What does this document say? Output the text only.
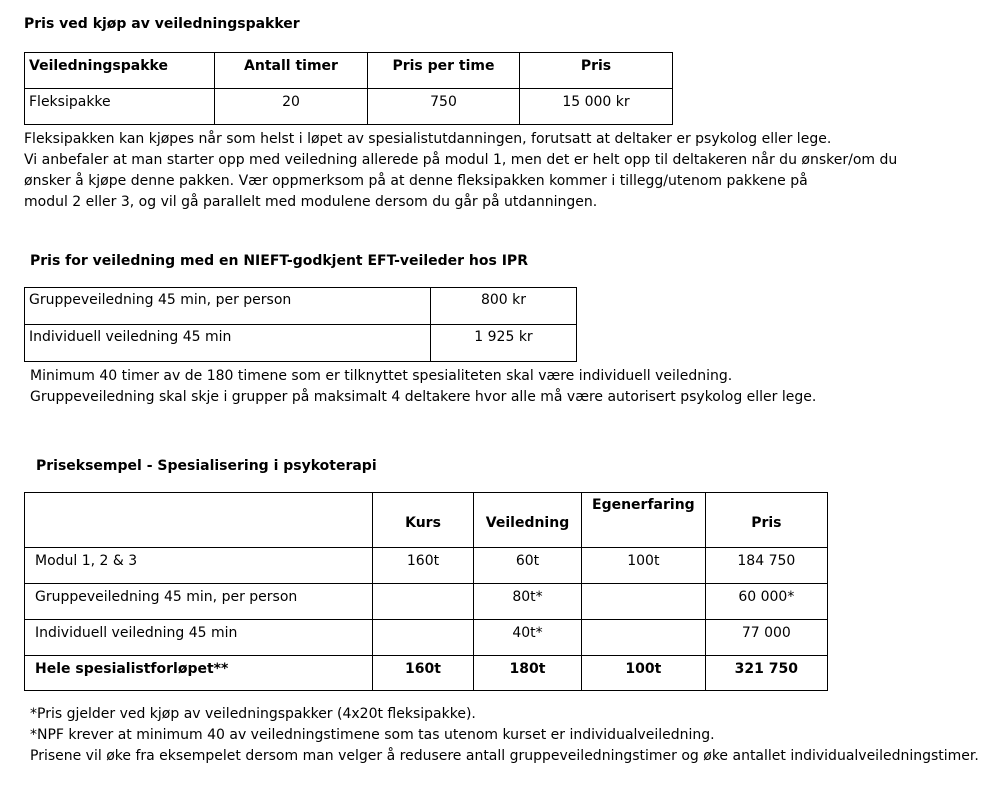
Pris ved kjøp av veiledningspakker
Veiledningspakke	Antall timer	Pris per time	Pris
Fleksipakke	20	750	15 000 kr
Fleksipakken kan kjøpes når som helst i løpet av spesialistutdanningen, forutsatt at deltaker er psykolog eller lege.
Vi anbefaler at man starter opp med veiledning allerede på modul 1, men det er helt opp til deltakeren når du ønsker/om du
ønsker å kjøpe denne pakken. Vær oppmerksom på at denne fleksipakken kommer i tillegg/utenom pakkene på
modul 2 eller 3, og vil gå parallelt med modulene dersom du går på utdanningen.
Pris for veiledning med en NIEFT-godkjent EFT-veileder hos IPR
Gruppeveiledning 45 min, per person	800 kr
Individuell veiledning 45 min	1 925 kr
Minimum 40 timer av de 180 timene som er tilknyttet spesialiteten skal være individuell veiledning.
Gruppeveiledning skal skje i grupper på maksimalt 4 deltakere hvor alle må være autorisert psykolog eller lege.
Priseksempel - Spesialisering i psykoterapi
	Kurs	Veiledning	Egenerfaring	Pris
Modul 1, 2 & 3	160t	60t	100t	184 750
Gruppeveiledning 45 min, per person		80t*		60 000*
Individuell veiledning 45 min		40t*		77 000
Hele spesialistforløpet**	160t	180t	100t	321 750
*Pris gjelder ved kjøp av veiledningspakker (4x20t fleksipakke).
*NPF krever at minimum 40 av veiledningstimene som tas utenom kurset er individualveiledning.
Prisene vil øke fra eksempelet dersom man velger å redusere antall gruppeveiledningstimer og øke antallet individualveiledningstimer.
